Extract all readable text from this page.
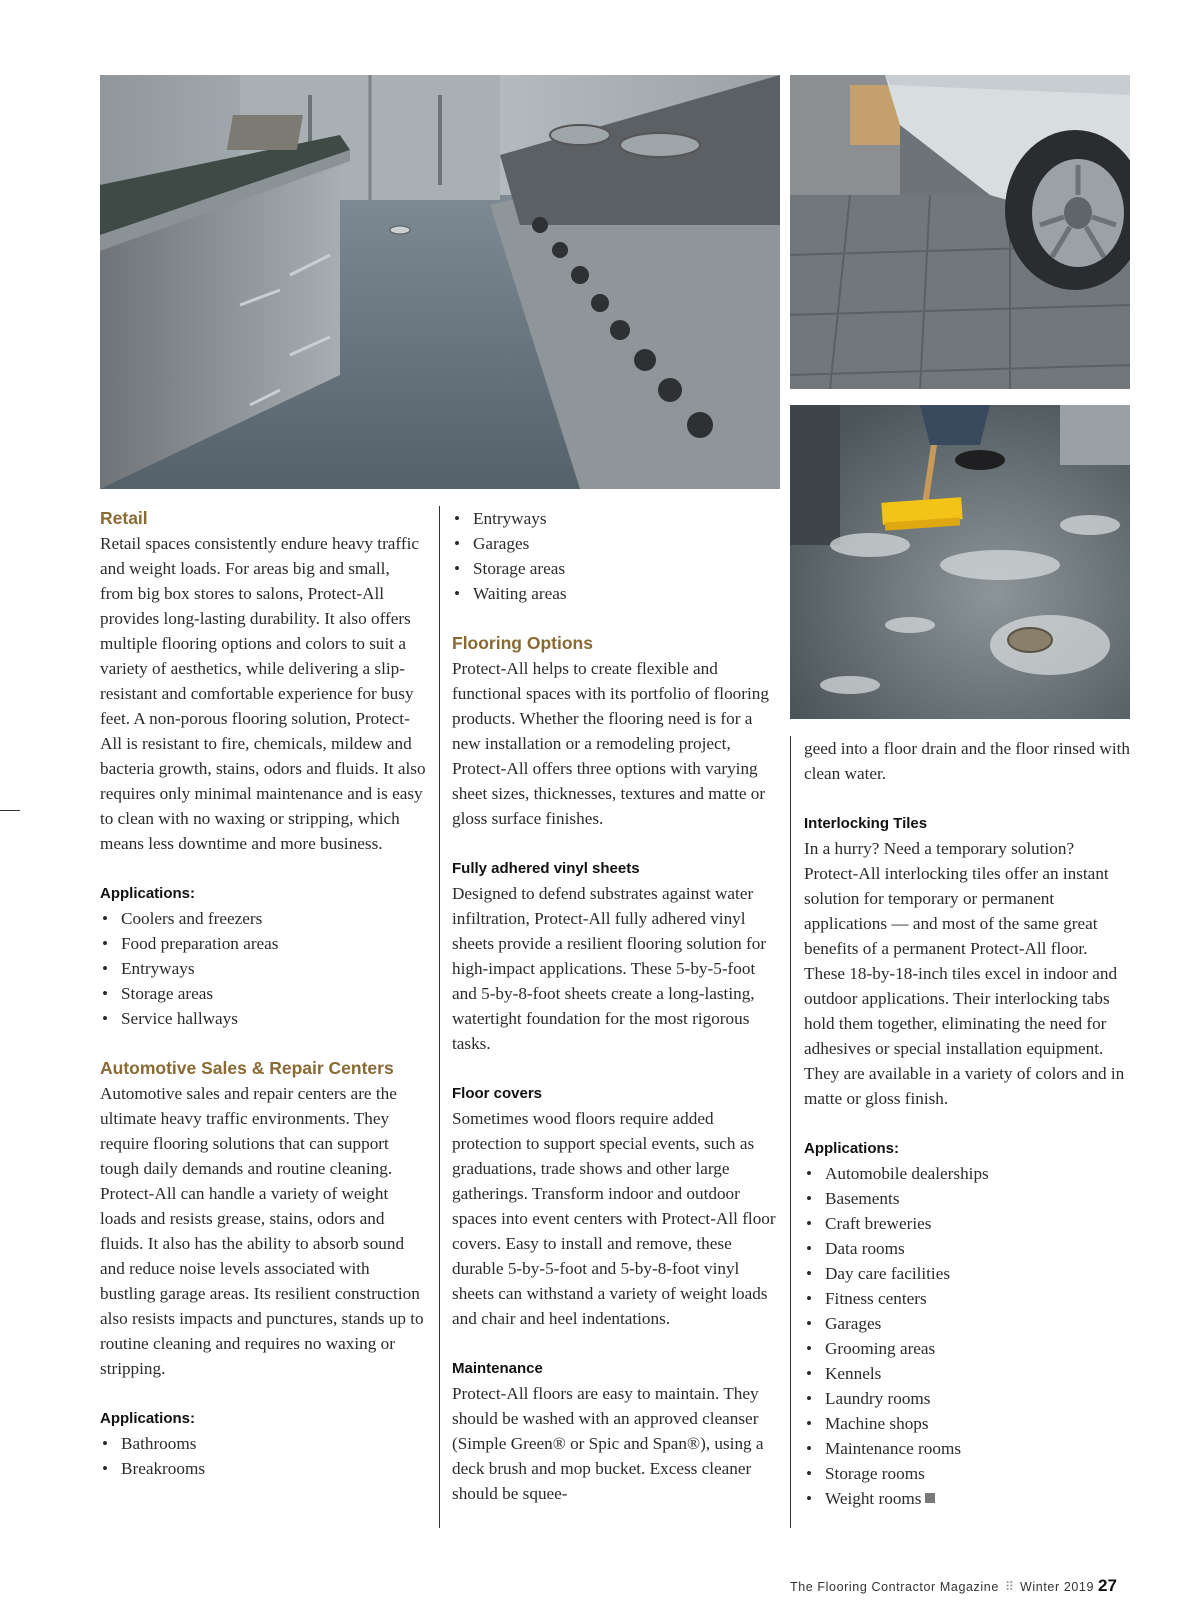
Retail

Retail spaces consistently endure heavy traffic and weight loads. For areas big and small, from big box stores to salons, Protect-All provides long-lasting durability. It also offers multiple flooring options and colors to suit a variety of aesthetics, while delivering a slip-resistant and comfortable experience for busy feet. A non-porous flooring solution, Protect-All is resistant to fire, chemicals, mildew and bacteria growth, stains, odors and fluids. It also requires only minimal maintenance and is easy to clean with no waxing or stripping, which means less downtime and more business.

Applications:
• Coolers and freezers
• Food preparation areas
• Entryways
• Storage areas
• Service hallways
Automotive Sales & Repair Centers

Automotive sales and repair centers are the ultimate heavy traffic environments. They require flooring solutions that can support tough daily demands and routine cleaning. Protect-All can handle a variety of weight loads and resists grease, stains, odors and fluids. It also has the ability to absorb sound and reduce noise levels associated with bustling garage areas. Its resilient construction also resists impacts and punctures, stands up to routine cleaning and requires no waxing or stripping.

Applications:
• Bathrooms
• Breakrooms
• Entryways
• Garages
• Storage areas
• Waiting areas
Flooring Options

Protect-All helps to create flexible and functional spaces with its portfolio of flooring products. Whether the flooring need is for a new installation or a remodeling project, Protect-All offers three options with varying sheet sizes, thicknesses, textures and matte or gloss surface finishes.

Fully adhered vinyl sheets

Designed to defend substrates against water infiltration, Protect-All fully adhered vinyl sheets provide a resilient flooring solution for high-impact applications. These 5-by-5-foot and 5-by-8-foot sheets create a long-lasting, watertight foundation for the most rigorous tasks.

Floor covers

Sometimes wood floors require added protection to support special events, such as graduations, trade shows and other large gatherings. Transform indoor and outdoor spaces into event centers with Protect-All floor covers. Easy to install and remove, these durable 5-by-5-foot and 5-by-8-foot vinyl sheets can withstand a variety of weight loads and chair and heel indentations.

Maintenance

Protect-All floors are easy to maintain. They should be washed with an approved cleanser (Simple Green® or Spic and Span®), using a deck brush and mop bucket. Excess cleaner should be squee-

geed into a floor drain and the floor rinsed with clean water.

Interlocking Tiles

In a hurry? Need a temporary solution? Protect-All interlocking tiles offer an instant solution for temporary or permanent applications — and most of the same great benefits of a permanent Protect-All floor. These 18-by-18-inch tiles excel in indoor and outdoor applications. Their interlocking tabs hold them together, eliminating the need for adhesives or special installation equipment. They are available in a variety of colors and in matte or gloss finish.

Applications:
• Automobile dealerships
• Basements
• Craft breweries
• Data rooms
• Day care facilities
• Fitness centers
• Garages
• Grooming areas
• Kennels
• Laundry rooms
• Machine shops
• Maintenance rooms
• Storage rooms
• Weight rooms
The Flooring Contractor Magazine ⠿ Winter 2019 27
